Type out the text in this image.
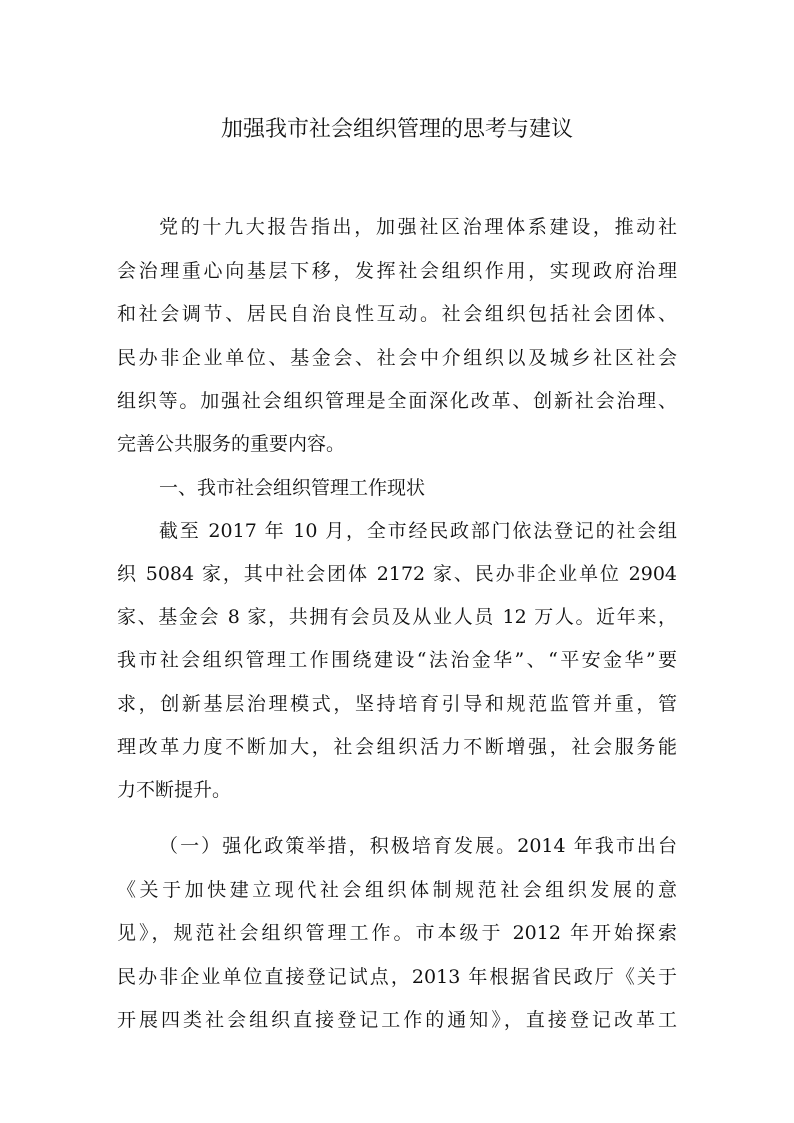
加强我市社会组织管理的思考与建议
党的十九大报告指出，加强社区治理体系建设，推动社
会治理重心向基层下移，发挥社会组织作用，实现政府治理
和社会调节、居民自治良性互动。社会组织包括社会团体、
民办非企业单位、基金会、社会中介组织以及城乡社区社会
组织等。加强社会组织管理是全面深化改革、创新社会治理、
完善公共服务的重要内容。
一、我市社会组织管理工作现状
截至 2017 年 10 月，全市经民政部门依法登记的社会组
织 5084 家，其中社会团体 2172 家、民办非企业单位 2904
家、基金会 8 家，共拥有会员及从业人员 12 万人。近年来，
我市社会组织管理工作围绕建设“法治金华”、“平安金华”要
求，创新基层治理模式，坚持培育引导和规范监管并重，管
理改革力度不断加大，社会组织活力不断增强，社会服务能
力不断提升。
（一）强化政策举措，积极培育发展。2014 年我市出台
《关于加快建立现代社会组织体制规范社会组织发展的意
见》，规范社会组织管理工作。市本级于 2012 年开始探索
民办非企业单位直接登记试点，2013 年根据省民政厅《关于
开展四类社会组织直接登记工作的通知》，直接登记改革工
